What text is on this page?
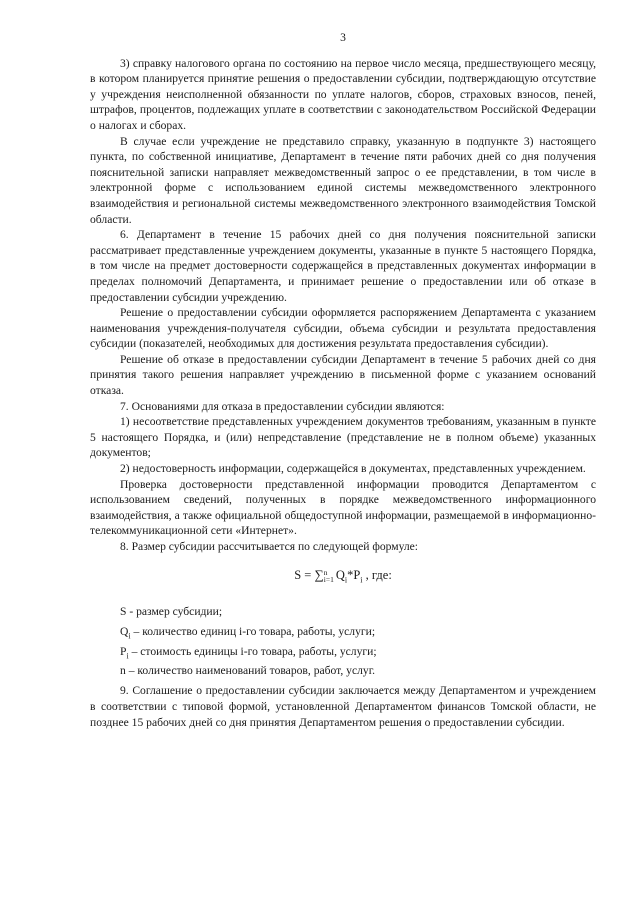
3

3) справку налогового органа по состоянию на первое число месяца, предшествующего месяцу, в котором планируется принятие решения о предоставлении субсидии, подтверждающую отсутствие у учреждения неисполненной обязанности по уплате налогов, сборов, страховых взносов, пеней, штрафов, процентов, подлежащих уплате в соответствии с законодательством Российской Федерации о налогах и сборах.

В случае если учреждение не представило справку, указанную в подпункте 3) настоящего пункта, по собственной инициативе, Департамент в течение пяти рабочих дней со дня получения пояснительной записки направляет межведомственный запрос о ее представлении, в том числе в электронной форме с использованием единой системы межведомственного электронного взаимодействия и региональной системы межведомственного электронного взаимодействия Томской области.

6. Департамент в течение 15 рабочих дней со дня получения пояснительной записки рассматривает представленные учреждением документы, указанные в пункте 5 настоящего Порядка, в том числе на предмет достоверности содержащейся в представленных документах информации в пределах полномочий Департамента, и принимает решение о предоставлении или об отказе в предоставлении субсидии учреждению.

Решение о предоставлении субсидии оформляется распоряжением Департамента с указанием наименования учреждения-получателя субсидии, объема субсидии и результата предоставления субсидии (показателей, необходимых для достижения результата предоставления субсидии).

Решение об отказе в предоставлении субсидии Департамент в течение 5 рабочих дней со дня принятия такого решения направляет учреждению в письменной форме с указанием оснований отказа.

7. Основаниями для отказа в предоставлении субсидии являются:

1) несоответствие представленных учреждением документов требованиям, указанным в пункте 5 настоящего Порядка, и (или) непредставление (представление не в полном объеме) указанных документов;

2) недостоверность информации, содержащейся в документах, представленных учреждением.

Проверка достоверности представленной информации проводится Департаментом с использованием сведений, полученных в порядке межведомственного информационного взаимодействия, а также официальной общедоступной информации, размещаемой в информационно-телекоммуникационной сети «Интернет».

8. Размер субсидии рассчитывается по следующей формуле:

S = ∑n
i=1 $Q_i*P_i$ , где:

S - размер субсидии;

$Q_i$ – количество единиц i-го товара, работы, услуги;

$P_i$ – стоимость единицы i-го товара, работы, услуги;

n – количество наименований товаров, работ, услуг.

9. Соглашение о предоставлении субсидии заключается между Департаментом и учреждением в соответствии с типовой формой, установленной Департаментом финансов Томской области, не позднее 15 рабочих дней со дня принятия Департаментом решения о предоставлении субсидии.
